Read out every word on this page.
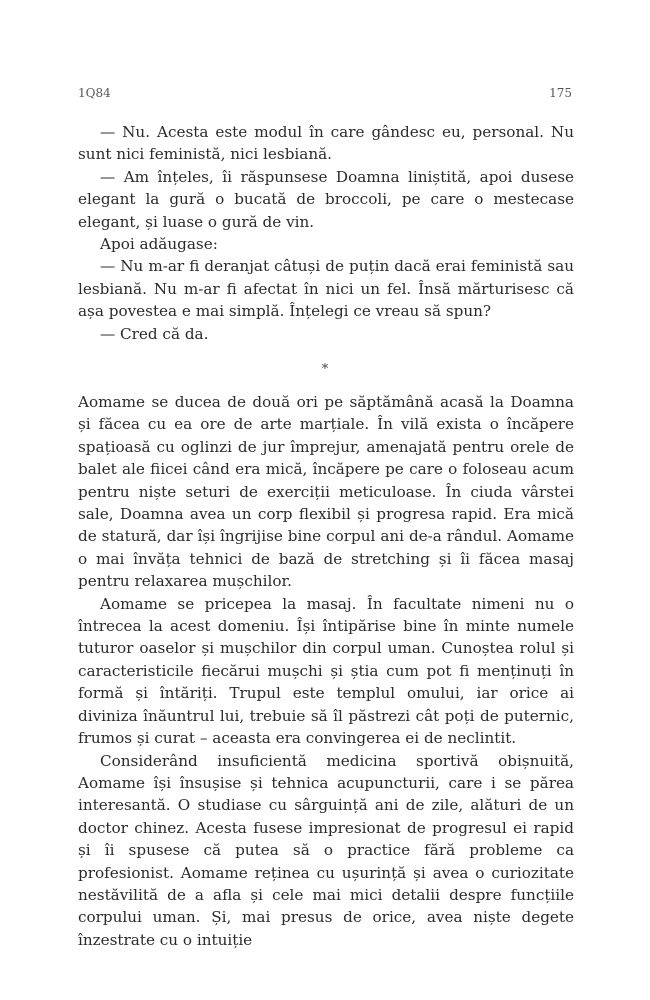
1Q84	175

— Nu. Acesta este modul în care gândesc eu, personal. Nu sunt nici feministă, nici lesbiană.

— Am înțeles, îi răspunsese Doamna liniștită, apoi dusese elegant la gură o bucată de broccoli, pe care o mestecase elegant, și luase o gură de vin.

Apoi adăugase:

— Nu m-ar fi deranjat câtuși de puțin dacă erai feministă sau lesbiană. Nu m-ar fi afectat în nici un fel. Însă mărturisesc că așa povestea e mai simplă. Înțelegi ce vreau să spun?

— Cred că da.

*

Aomame se ducea de două ori pe săptămână acasă la Doamna și făcea cu ea ore de arte marțiale. În vilă exista o încăpere spațioasă cu oglinzi de jur împrejur, amenajată pentru orele de balet ale fiicei când era mică, încăpere pe care o foloseau acum pentru niște seturi de exerciții meticuloase. În ciuda vârstei sale, Doamna avea un corp flexibil și progresa rapid. Era mică de statură, dar își îngrijise bine corpul ani de-a rândul. Aomame o mai învăța tehnici de bază de stretching și îi făcea masaj pentru relaxarea mușchilor.

Aomame se pricepea la masaj. În facultate nimeni nu o întrecea la acest domeniu. Își întipărise bine în minte numele tuturor oaselor și mușchilor din corpul uman. Cunoștea rolul și caracteristicile fiecărui mușchi și știa cum pot fi menținuți în formă și întăriți. Trupul este templul omului, iar orice ai diviniza înăuntrul lui, trebuie să îl păstrezi cât poți de puternic, frumos și curat – aceasta era convingerea ei de neclintit.

Considerând insuficientă medicina sportivă obișnuită, Aomame își însușise și tehnica acupuncturii, care i se părea interesantă. O studiase cu sârguință ani de zile, alături de un doctor chinez. Acesta fusese impresionat de progresul ei rapid și îi spusese că putea să o practice fără probleme ca profesionist. Aomame reținea cu ușurință și avea o curiozitate nestăvilită de a afla și cele mai mici detalii despre funcțiile corpului uman. Și, mai presus de orice, avea niște degete înzestrate cu o intuiție
